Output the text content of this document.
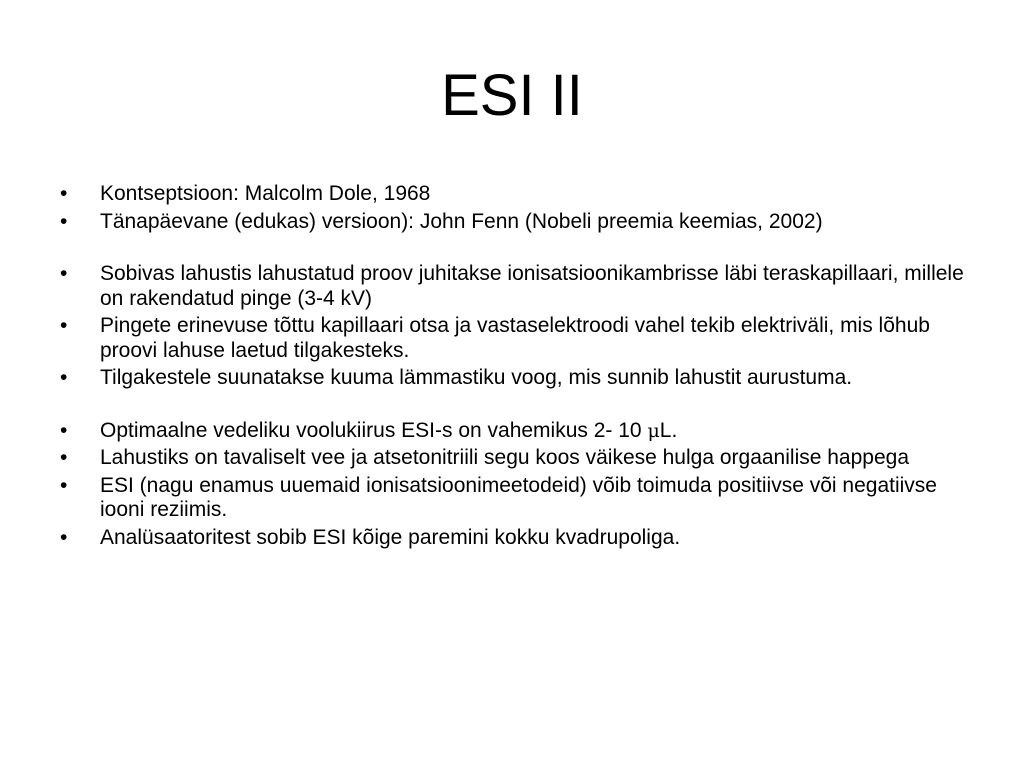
ESI II
•	Kontseptsioon: Malcolm Dole, 1968
•	Tänapäevane (edukas) versioon): John Fenn (Nobeli preemia keemias, 2002)
•	Sobivas lahustis lahustatud proov juhitakse ionisatsioonikambrisse läbi teraskapillaari, millele on rakendatud pinge (3-4 kV)
•	Pingete erinevuse tõttu kapillaari otsa ja vastaselektroodi vahel tekib elektriväli, mis lõhub proovi lahuse laetud tilgakesteks.
•	Tilgakestele suunatakse kuuma lämmastiku voog, mis sunnib lahustit aurustuma.
•	Optimaalne vedeliku voolukiirus ESI-s on vahemikus 2- 10 μL.
•	Lahustiks on tavaliselt vee ja atsetonitriili segu koos väikese hulga orgaanilise happega
•	ESI (nagu enamus uuemaid ionisatsioonimeetodeid) võib toimuda positiivse või negatiivse iooni reziimis.
•	Analüsaatoritest sobib ESI kõige paremini kokku kvadrupoliga.
